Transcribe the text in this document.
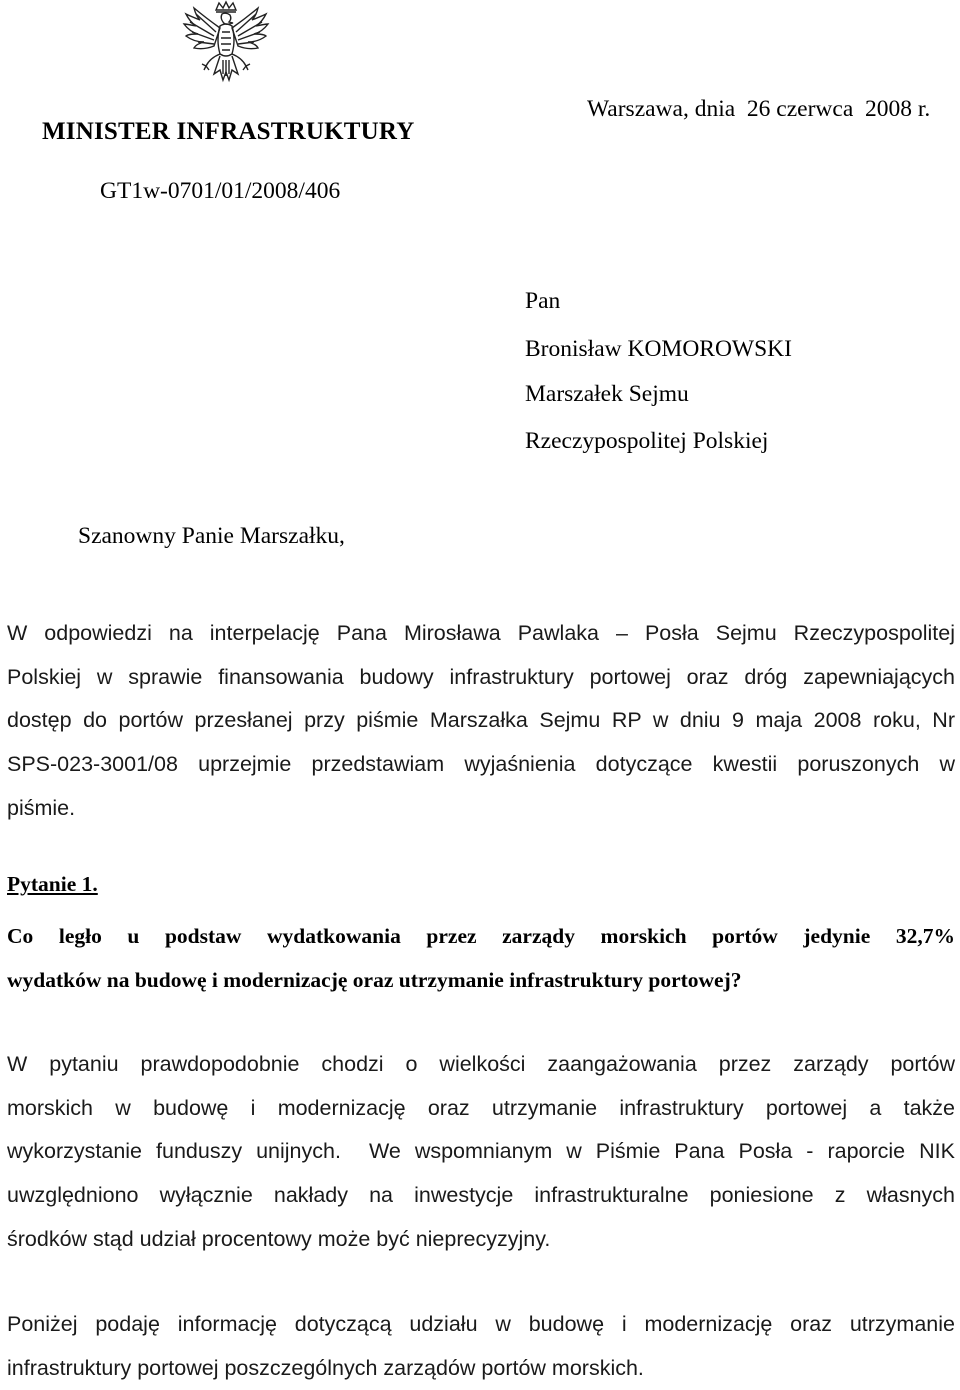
MINISTER INFRASTRUKTURY
Warszawa, dnia  26 czerwca  2008 r.
GT1w-0701/01/2008/406
Pan
Bronisław KOMOROWSKI
Marszałek Sejmu
Rzeczypospolitej Polskiej
Szanowny Panie Marszałku,
W odpowiedzi na interpelację Pana Mirosława Pawlaka – Posła Sejmu Rzeczypospolitej
Polskiej w sprawie finansowania budowy infrastruktury portowej oraz dróg zapewniających
dostęp do portów przesłanej przy piśmie Marszałka Sejmu RP w dniu 9 maja 2008 roku, Nr
SPS-023-3001/08 uprzejmie przedstawiam wyjaśnienia dotyczące kwestii poruszonych w
piśmie.
Pytanie 1.
Co legło u podstaw wydatkowania przez zarządy morskich portów jedynie 32,7%
wydatków na budowę i modernizację oraz utrzymanie infrastruktury portowej?
W pytaniu prawdopodobnie chodzi o wielkości zaangażowania przez zarządy portów
morskich w budowę i modernizację oraz utrzymanie infrastruktury portowej a także
wykorzystanie funduszy unijnych.  We wspomnianym w Piśmie Pana Posła - raporcie NIK
uwzględniono wyłącznie nakłady na inwestycje infrastrukturalne poniesione z własnych
środków stąd udział procentowy może być nieprecyzyjny.
Poniżej podaję informację dotyczącą udziału w budowę i modernizację oraz utrzymanie
infrastruktury portowej poszczególnych zarządów portów morskich.
